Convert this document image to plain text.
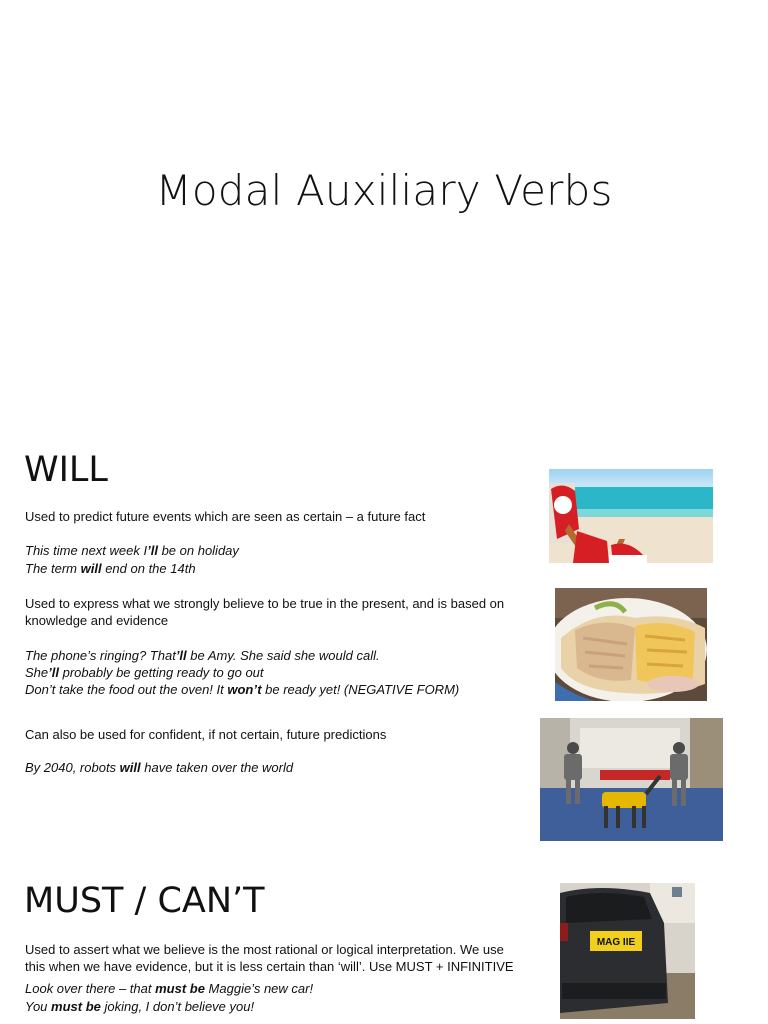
Modal Auxiliary Verbs
WILL
Used to predict future events which are seen as certain – a future fact
This time next week I’ll be on holiday
The term will end on the 14th
Used to express what we strongly believe to be true in the present, and is based on knowledge and evidence
The phone’s ringing? That’ll be Amy. She said she would call.
She’ll probably be getting ready to go out
Don’t take the food out the oven! It won’t be ready yet! (NEGATIVE FORM)
Can also be used for confident, if not certain, future predictions
By 2040, robots will have taken over the world
MUST / CAN’T
Used to assert what we believe is the most rational or logical interpretation. We use this when we have evidence, but it is less certain than ‘will’. Use MUST + INFINITIVE
Look over there – that must be Maggie’s new car!
You must be joking, I don’t believe you!
MAG IIE
